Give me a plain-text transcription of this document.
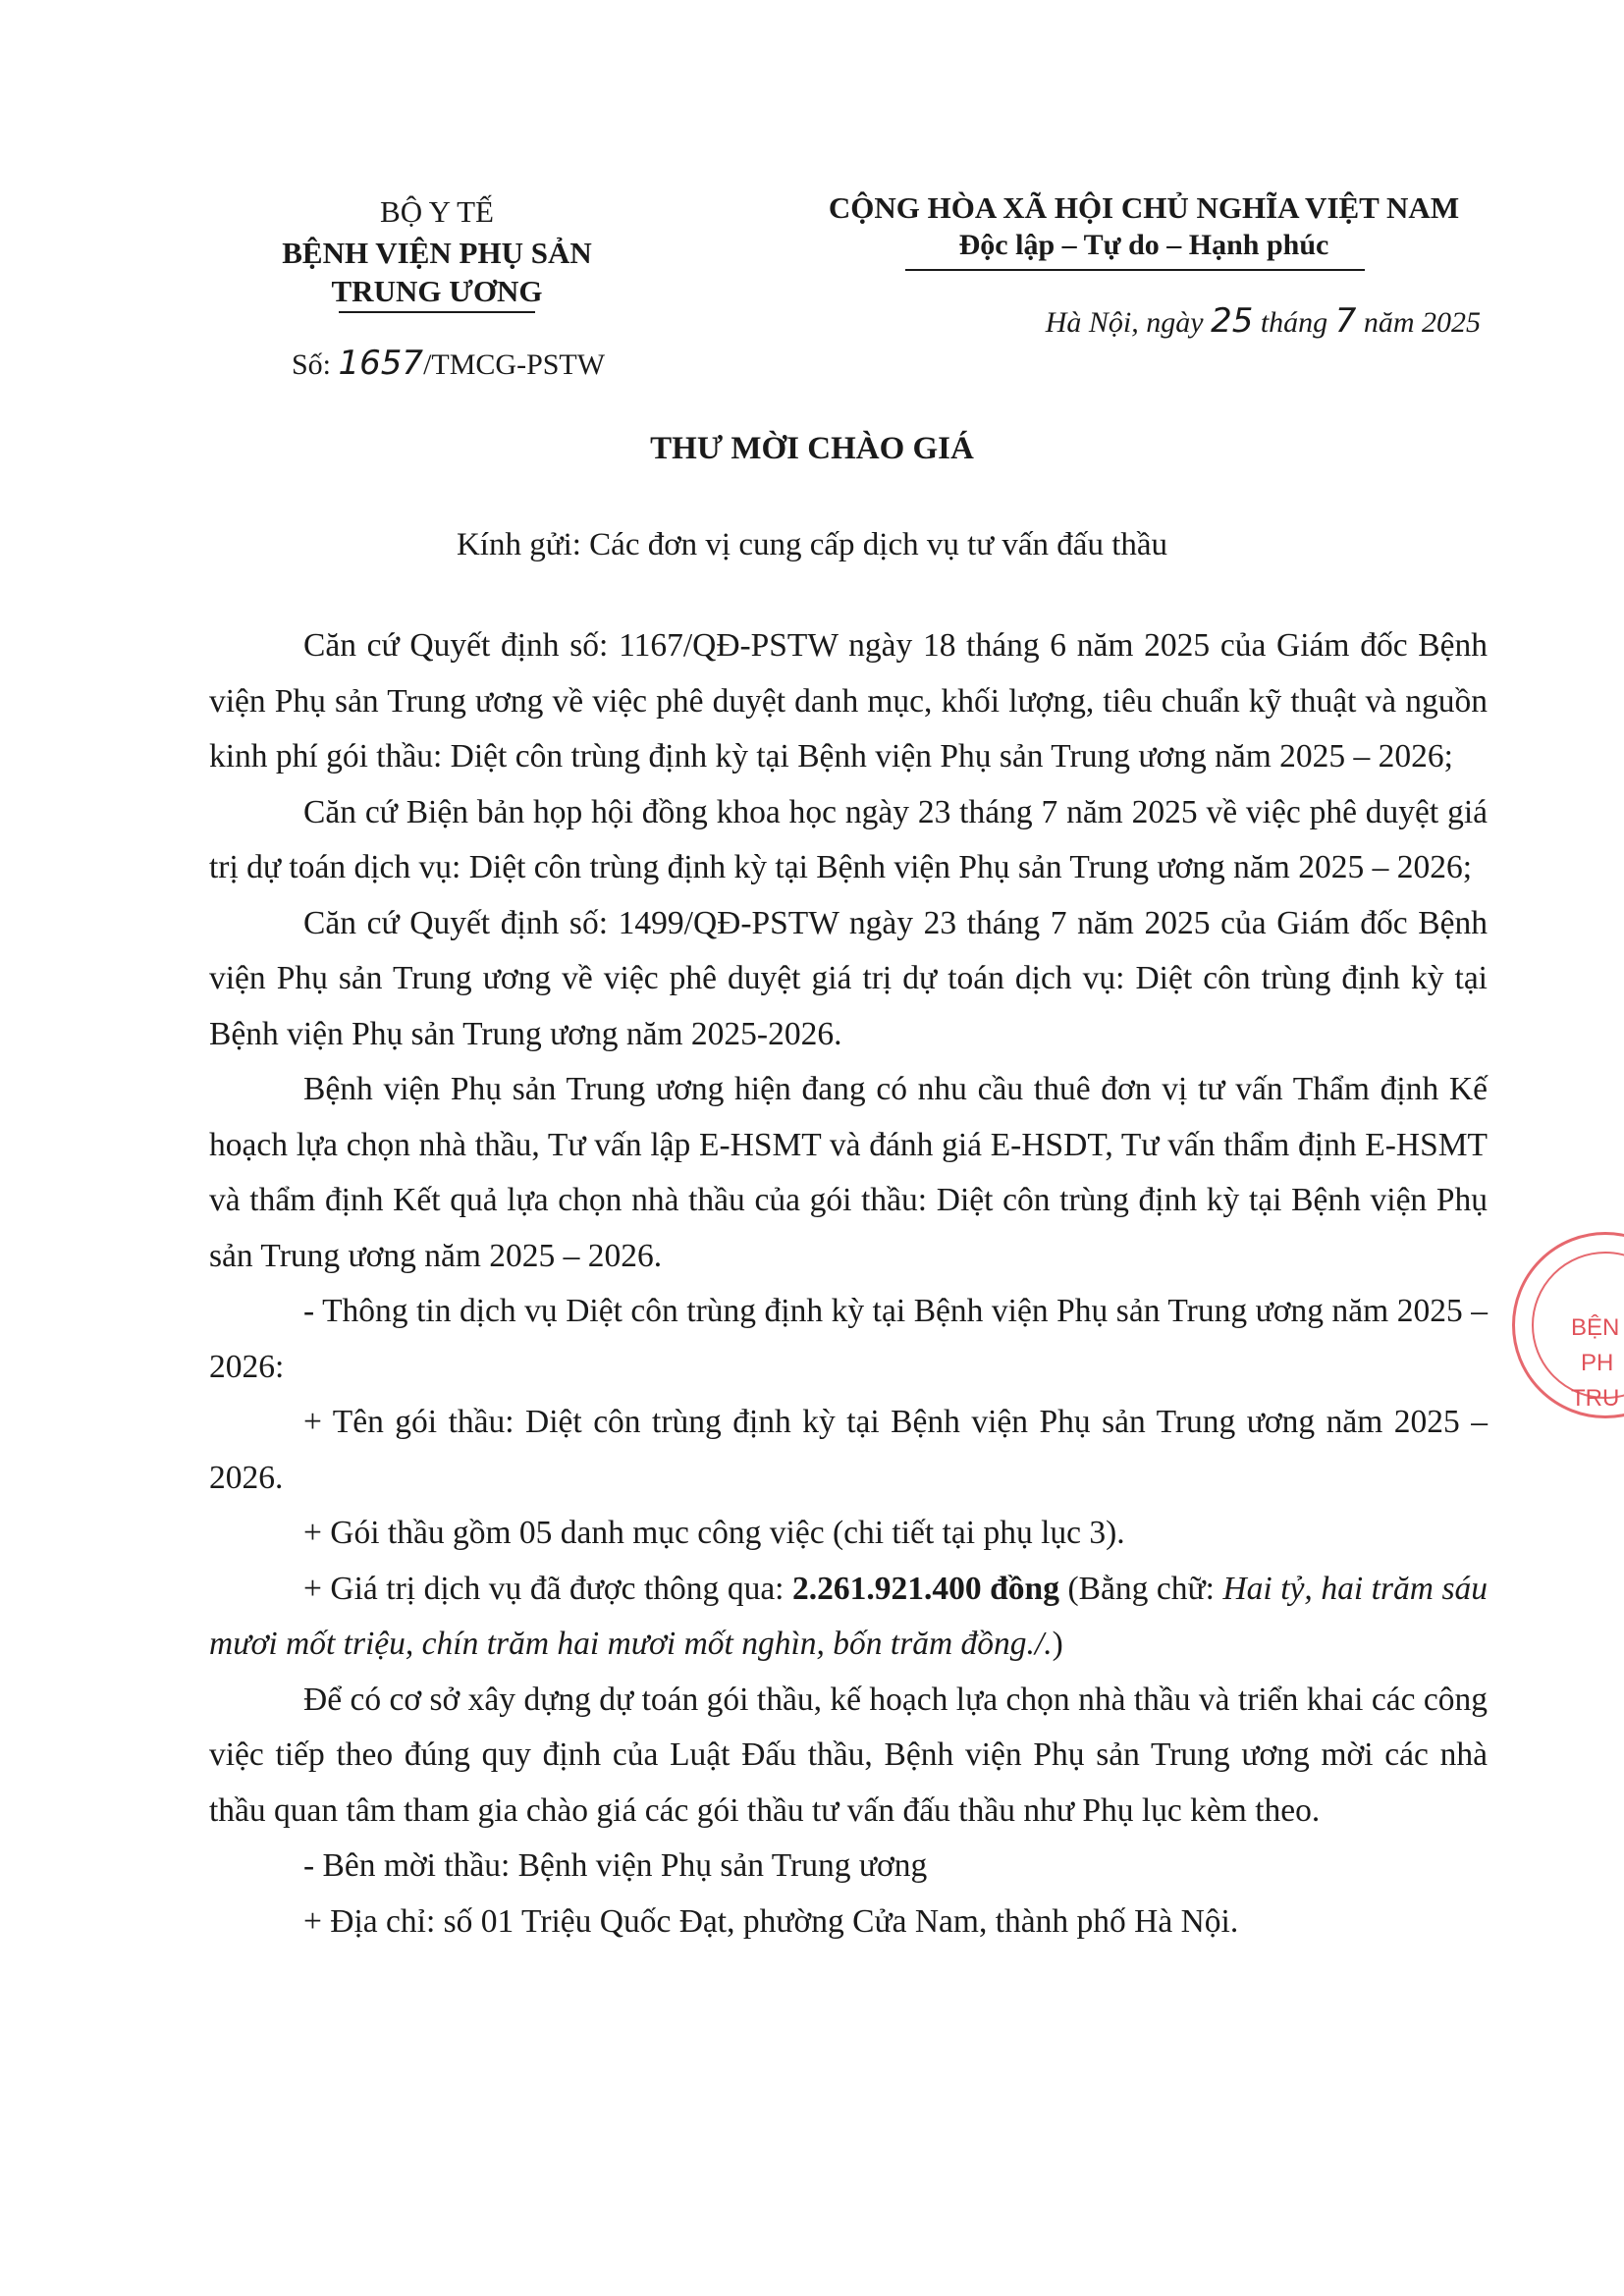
BỘ Y TẾ
BỆNH VIỆN PHỤ SẢN
TRUNG ƯƠNG
Số: 1657/TMCG-PSTW
CỘNG HÒA XÃ HỘI CHỦ NGHĨA VIỆT NAM
Độc lập – Tự do – Hạnh phúc
Hà Nội, ngày 25 tháng 7 năm 2025
THƯ MỜI CHÀO GIÁ
Kính gửi: Các đơn vị cung cấp dịch vụ tư vấn đấu thầu

Căn cứ Quyết định số: 1167/QĐ-PSTW ngày 18 tháng 6 năm 2025 của Giám đốc Bệnh viện Phụ sản Trung ương về việc phê duyệt danh mục, khối lượng, tiêu chuẩn kỹ thuật và nguồn kinh phí gói thầu: Diệt côn trùng định kỳ tại Bệnh viện Phụ sản Trung ương năm 2025 – 2026;

Căn cứ Biện bản họp hội đồng khoa học ngày 23 tháng 7 năm 2025 về việc phê duyệt giá trị dự toán dịch vụ: Diệt côn trùng định kỳ tại Bệnh viện Phụ sản Trung ương năm 2025 – 2026;

Căn cứ Quyết định số: 1499/QĐ-PSTW ngày 23 tháng 7 năm 2025 của Giám đốc Bệnh viện Phụ sản Trung ương về việc phê duyệt giá trị dự toán dịch vụ: Diệt côn trùng định kỳ tại Bệnh viện Phụ sản Trung ương năm 2025-2026.

Bệnh viện Phụ sản Trung ương hiện đang có nhu cầu thuê đơn vị tư vấn Thẩm định Kế hoạch lựa chọn nhà thầu, Tư vấn lập E-HSMT và đánh giá E-HSDT, Tư vấn thẩm định E-HSMT và thẩm định Kết quả lựa chọn nhà thầu của gói thầu: Diệt côn trùng định kỳ tại Bệnh viện Phụ sản Trung ương năm 2025 – 2026.

- Thông tin dịch vụ Diệt côn trùng định kỳ tại Bệnh viện Phụ sản Trung ương năm 2025 – 2026:

+ Tên gói thầu: Diệt côn trùng định kỳ tại Bệnh viện Phụ sản Trung ương năm 2025 – 2026.

+ Gói thầu gồm 05 danh mục công việc (chi tiết tại phụ lục 3).

+ Giá trị dịch vụ đã được thông qua: 2.261.921.400 đồng (Bằng chữ: Hai tỷ, hai trăm sáu mươi mốt triệu, chín trăm hai mươi mốt nghìn, bốn trăm đồng./.)

Để có cơ sở xây dựng dự toán gói thầu, kế hoạch lựa chọn nhà thầu và triển khai các công việc tiếp theo đúng quy định của Luật Đấu thầu, Bệnh viện Phụ sản Trung ương mời các nhà thầu quan tâm tham gia chào giá các gói thầu tư vấn đấu thầu như Phụ lục kèm theo.

- Bên mời thầu: Bệnh viện Phụ sản Trung ương

+ Địa chỉ: số 01 Triệu Quốc Đạt, phường Cửa Nam, thành phố Hà Nội.

BỆN
PH
TRU
